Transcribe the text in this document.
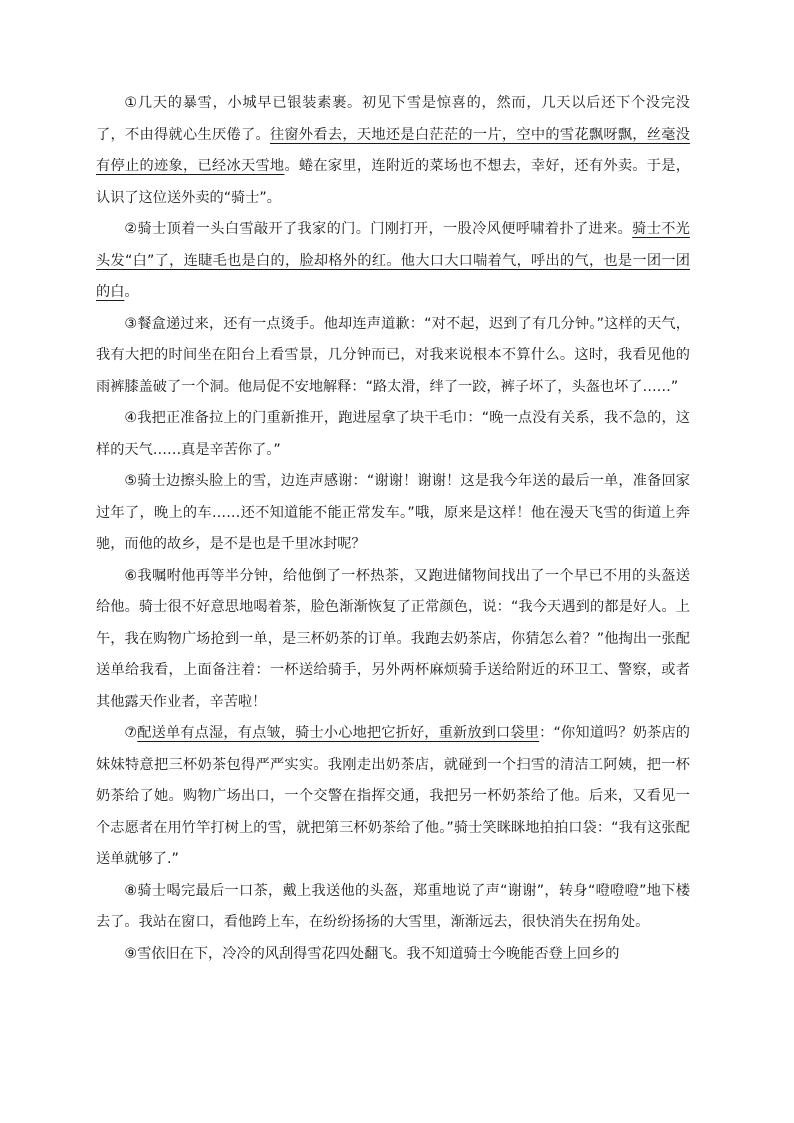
①几天的暴雪，小城早已银装素裹。初见下雪是惊喜的，然而，几天以后还下个没完没了，不由得就心生厌倦了。往窗外看去，天地还是白茫茫的一片，空中的雪花飘呀飘，丝毫没有停止的迹象，已经冰天雪地。蜷在家里，连附近的菜场也不想去，幸好，还有外卖。于是，认识了这位送外卖的“骑士”。

②骑士顶着一头白雪敲开了我家的门。门刚打开，一股冷风便呼啸着扑了进来。骑士不光头发“白”了，连睫毛也是白的，脸却格外的红。他大口大口喘着气，呼出的气，也是一团一团的白。

③餐盒递过来，还有一点烫手。他却连声道歉：“对不起，迟到了有几分钟。”这样的天气，我有大把的时间坐在阳台上看雪景，几分钟而已，对我来说根本不算什么。这时，我看见他的雨裤膝盖破了一个洞。他局促不安地解释：“路太滑，绊了一跤，裤子坏了，头盔也坏了……”

④我把正准备拉上的门重新推开，跑进屋拿了块干毛巾：“晚一点没有关系，我不急的，这样的天气……真是辛苦你了。”

⑤骑士边擦头脸上的雪，边连声感谢：“谢谢！谢谢！这是我今年送的最后一单，准备回家过年了，晚上的车……还不知道能不能正常发车。”哦，原来是这样！他在漫天飞雪的街道上奔驰，而他的故乡，是不是也是千里冰封呢？

⑥我嘱咐他再等半分钟，给他倒了一杯热茶，又跑进储物间找出了一个早已不用的头盔送给他。骑士很不好意思地喝着茶，脸色渐渐恢复了正常颜色，说：“我今天遇到的都是好人。上午，我在购物广场抢到一单，是三杯奶茶的订单。我跑去奶茶店，你猜怎么着？”他掏出一张配送单给我看，上面备注着：一杯送给骑手，另外两杯麻烦骑手送给附近的环卫工、警察，或者其他露天作业者，辛苦啦！

⑦配送单有点湿，有点皱，骑士小心地把它折好，重新放到口袋里：“你知道吗？奶茶店的妹妹特意把三杯奶茶包得严严实实。我刚走出奶茶店，就碰到一个扫雪的清洁工阿姨，把一杯奶茶给了她。购物广场出口，一个交警在指挥交通，我把另一杯奶茶给了他。后来，又看见一个志愿者在用竹竿打树上的雪，就把第三杯奶茶给了他。”骑士笑眯眯地拍拍口袋：“我有这张配送单就够了.”

⑧骑士喝完最后一口茶，戴上我送他的头盔，郑重地说了声“谢谢”，转身“噔噔噔”地下楼去了。我站在窗口，看他跨上车，在纷纷扬扬的大雪里，渐渐远去，很快消失在拐角处。

⑨雪依旧在下，冷冷的风刮得雪花四处翻飞。我不知道骑士今晚能否登上回乡的
